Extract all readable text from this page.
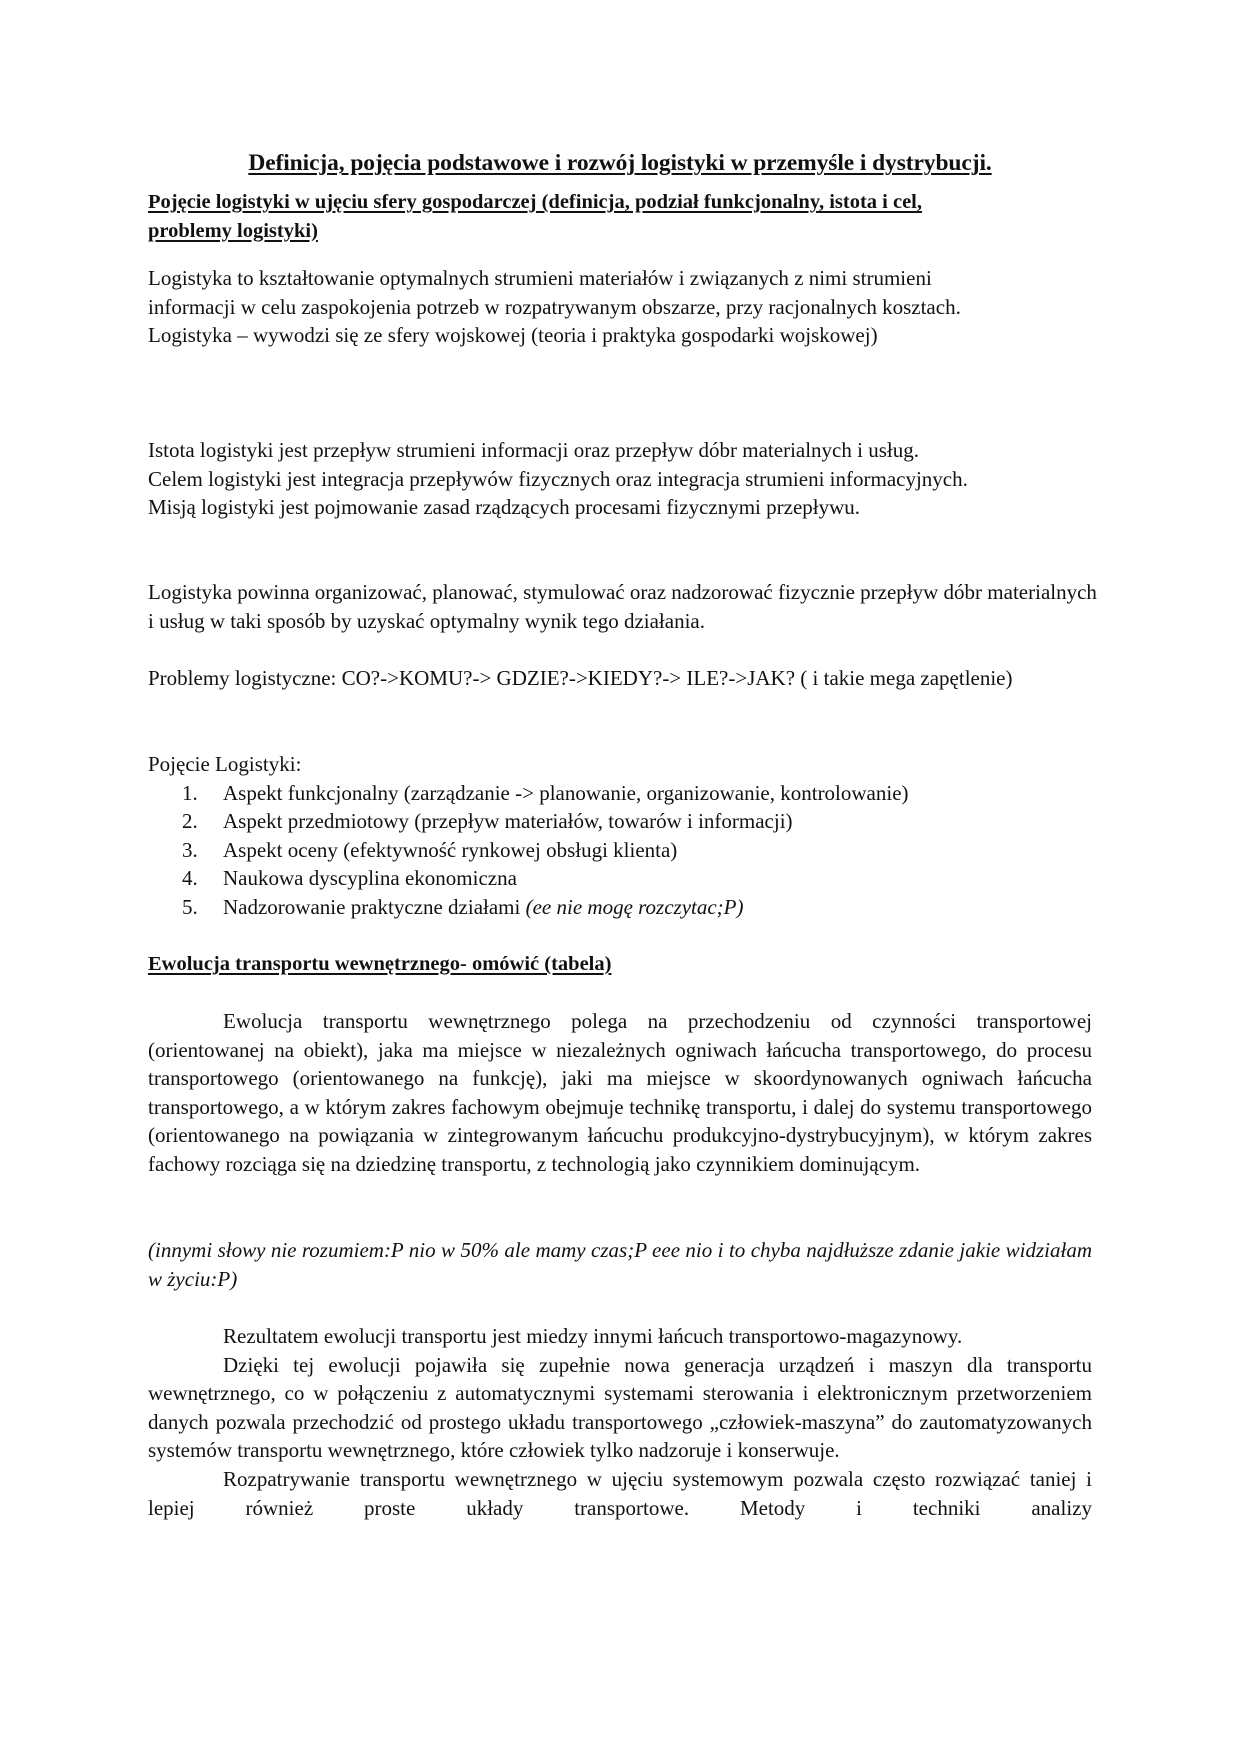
Definicja, pojęcia podstawowe i rozwój logistyki w przemyśle i dystrybucji.

Pojęcie logistyki w ujęciu sfery gospodarczej (definicja, podział funkcjonalny, istota i cel, problemy logistyki)

Logistyka to kształtowanie optymalnych strumieni materiałów i związanych z nimi strumieni informacji w celu zaspokojenia potrzeb w rozpatrywanym obszarze, przy racjonalnych kosztach. Logistyka – wywodzi się ze sfery wojskowej (teoria i praktyka gospodarki wojskowej)

Istota logistyki jest przepływ strumieni informacji oraz przepływ dóbr materialnych i usług.

Celem logistyki jest integracja przepływów fizycznych oraz integracja strumieni informacyjnych.

Misją logistyki jest pojmowanie zasad rządzących procesami fizycznymi przepływu.

Logistyka powinna organizować, planować, stymulować oraz nadzorować fizycznie przepływ dóbr materialnych i usług w taki sposób by uzyskać optymalny wynik tego działania.

Problemy logistyczne: CO?->KOMU?-> GDZIE?->KIEDY?-> ILE?->JAK? ( i takie mega zapętlenie)

Pojęcie Logistyki:

1.	Aspekt funkcjonalny (zarządzanie -> planowanie, organizowanie, kontrolowanie)
2.	Aspekt przedmiotowy (przepływ materiałów, towarów i informacji)
3.	Aspekt oceny (efektywność rynkowej obsługi klienta)
4.	Naukowa dyscyplina ekonomiczna
5.	Nadzorowanie praktyczne działami (ee nie mogę rozczytac;P)

Ewolucja transportu wewnętrznego- omówić (tabela)

Ewolucja transportu wewnętrznego polega na przechodzeniu od czynności transportowej (orientowanej na obiekt), jaka ma miejsce w niezależnych ogniwach łańcucha transportowego, do procesu transportowego (orientowanego na funkcję), jaki ma miejsce w skoordynowanych ogniwach łańcucha transportowego, a w którym zakres fachowym obejmuje technikę transportu, i dalej do systemu transportowego (orientowanego na powiązania w zintegrowanym łańcuchu produkcyjno-dystrybucyjnym), w którym zakres fachowy rozciąga się na dziedzinę transportu, z technologią jako czynnikiem dominującym.

(innymi słowy nie rozumiem:P nio w 50% ale mamy czas;P eee nio i to chyba najdłuższe zdanie jakie widziałam w życiu:P)

Rezultatem ewolucji transportu jest miedzy innymi łańcuch transportowo-magazynowy.

Dzięki tej ewolucji pojawiła się zupełnie nowa generacja urządzeń i maszyn dla transportu wewnętrznego, co w połączeniu z automatycznymi systemami sterowania i elektronicznym przetworzeniem danych pozwala przechodzić od prostego układu transportowego „człowiek-maszyna” do zautomatyzowanych systemów transportu wewnętrznego, które człowiek tylko nadzoruje i konserwuje.

Rozpatrywanie transportu wewnętrznego w ujęciu systemowym pozwala często rozwiązać taniej i lepiej również proste układy transportowe. Metody i techniki analizy
